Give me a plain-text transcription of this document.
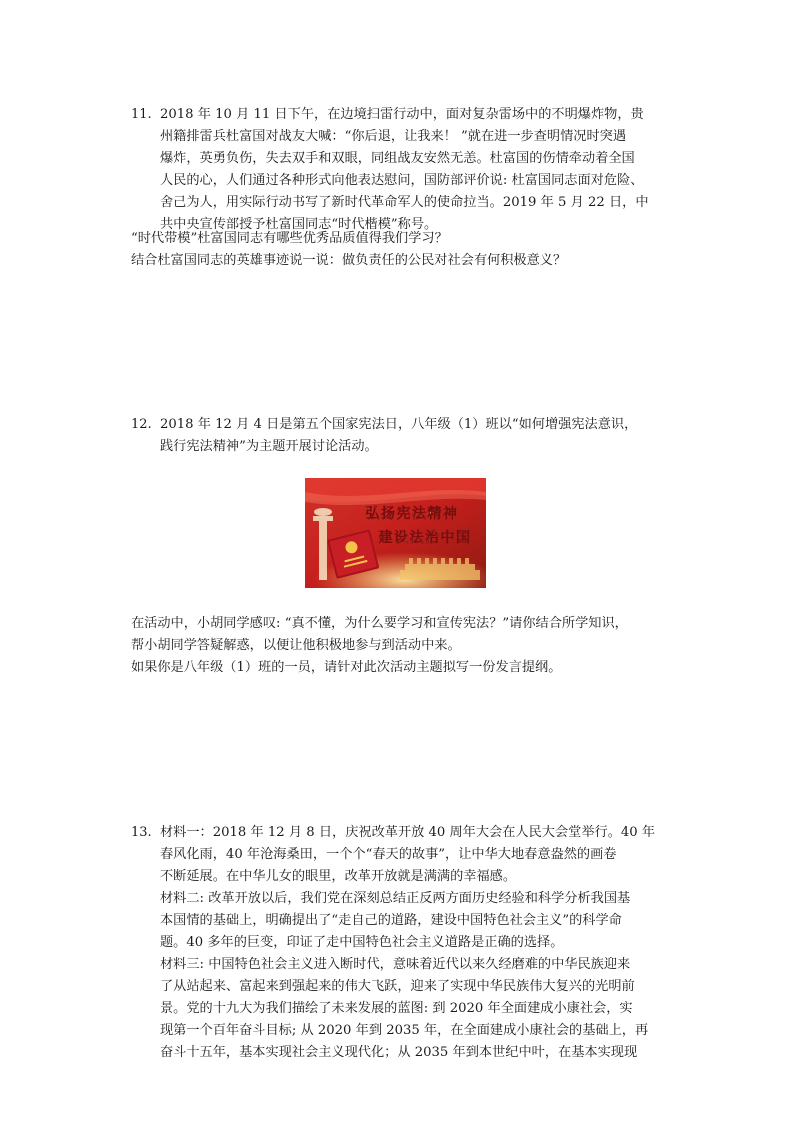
11. 2018 年 10 月 11 日下午，在边境扫雷行动中，面对复杂雷场中的不明爆炸物，贵
州籍排雷兵杜富国对战友大喊：“你后退，让我来！ ”就在进一步查明情况时突遇
爆炸，英勇负伤，失去双手和双眼，同组战友安然无恙。杜富国的伤情牵动着全国
人民的心，人们通过各种形式向他表达慰问，国防部评价说: 杜富国同志面对危险、
舍己为人，用实际行动书写了新时代革命军人的使命拉当。2019 年 5 月 22 日，中
共中央宣传部授予杜富国同志“时代楷模”称号。
“时代带模”杜富国同志有哪些优秀品质值得我们学习？
结合杜富国同志的英雄事迹说一说：做负责任的公民对社会有何积极意义？
12. 2018 年 12 月 4 日是第五个国家宪法日，八年级（1）班以“如何增强宪法意识，
践行宪法精神”为主题开展讨论活动。
弘扬宪法精神
建设法治中国
在活动中，小胡同学感叹: “真不懂，为什么要学习和宣传宪法？”请你结合所学知识，
帮小胡同学答疑解惑，以便让他积极地参与到活动中来。
如果你是八年级（1）班的一员，请针对此次活动主题拟写一份发言提纲。
13. 材料一：2018 年 12 月 8 日，庆祝改革开放 40 周年大会在人民大会堂举行。40 年
春风化雨，40 年沧海桑田，一个个“春天的故事”，让中华大地春意盎然的画卷
不断延展。在中华儿女的眼里，改革开放就是满满的幸福感。
材料二: 改革开放以后，我们党在深刻总结正反两方面历史经验和科学分析我国基
本国情的基础上，明确提出了“走自己的道路，建设中国特色社会主义”的科学命
题。40 多年的巨变，印证了走中国特色社会主义道路是正确的选择。
材料三: 中国特色社会主义进入断时代，意味着近代以来久经磨难的中华民族迎来
了从站起来、富起来到强起来的伟大飞跃，迎来了实现中华民族伟大复兴的光明前
景。党的十九大为我们描绘了未来发展的蓝图: 到 2020 年全面建成小康社会，实
现第一个百年奋斗目标; 从 2020 年到 2035 年，在全面建成小康社会的基础上，再
奋斗十五年，基本实现社会主义现代化；从 2035 年到本世纪中叶，在基本实现现
